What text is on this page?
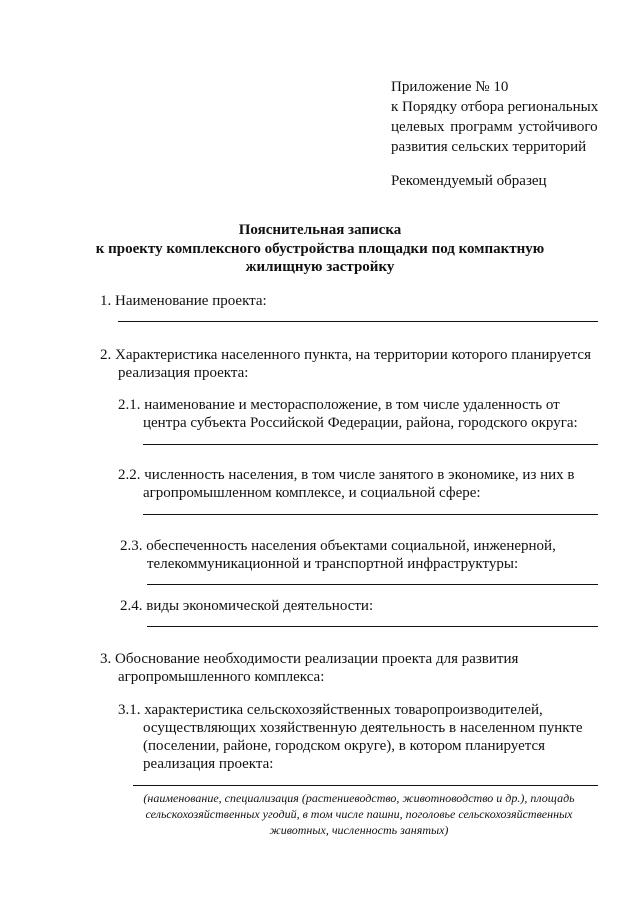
Приложение № 10
к Порядку отбора региональных
целевых программ устойчивого
развития сельских территорий
Рекомендуемый образец
Пояснительная записка
к проекту комплексного обустройства площадки под компактную
жилищную застройку
1. Наименование проекта:
2. Характеристика населенного пункта, на территории которого планируется
реализация проекта:
2.1. наименование и месторасположение, в том числе удаленность от
центра субъекта Российской Федерации, района, городского округа:
2.2. численность населения, в том числе занятого в экономике, из них в
агропромышленном комплексе, и социальной сфере:
2.3. обеспеченность населения объектами социальной, инженерной,
телекоммуникационной и транспортной инфраструктуры:
2.4. виды экономической деятельности:
3. Обоснование необходимости реализации проекта для развития
агропромышленного комплекса:
3.1. характеристика сельскохозяйственных товаропроизводителей,
осуществляющих хозяйственную деятельность в населенном пункте
(поселении, районе, городском округе), в котором планируется
реализация проекта:
(наименование, специализация (растениеводство, животноводство и др.), площадь
сельскохозяйственных угодий, в том числе пашни, поголовье сельскохозяйственных
животных, численность занятых)
